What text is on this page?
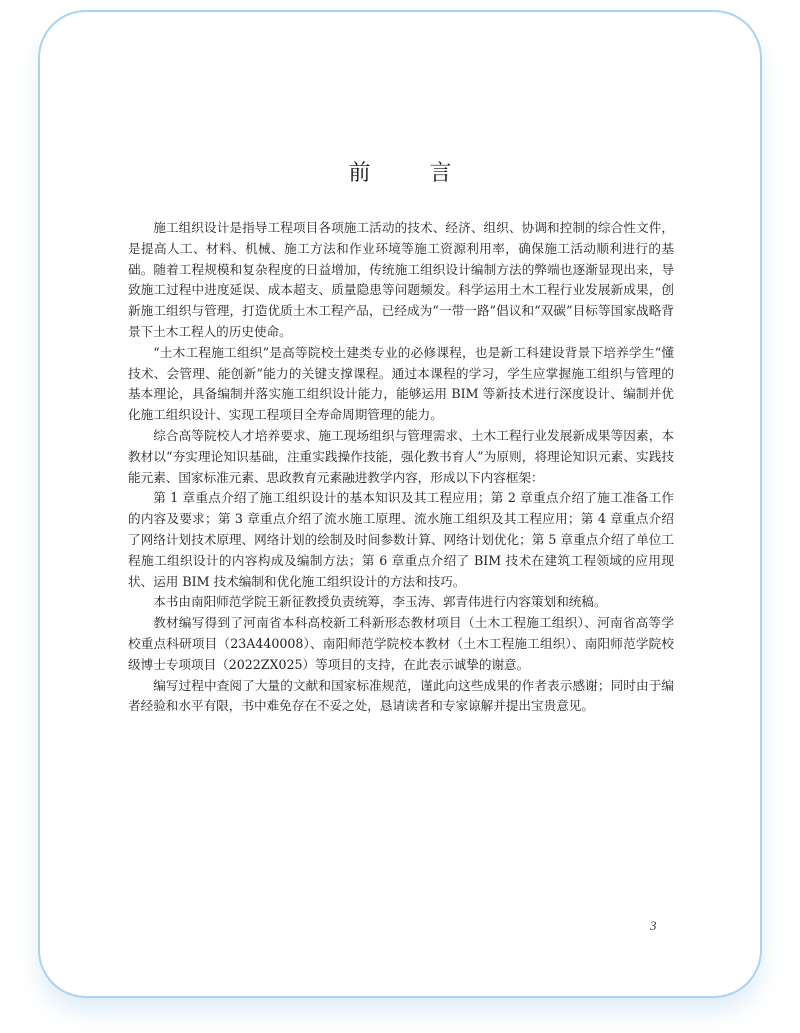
前 言

施工组织设计是指导工程项目各项施工活动的技术、经济、组织、协调和控制的综合性文件，是提高人工、材料、机械、施工方法和作业环境等施工资源利用率，确保施工活动顺利进行的基础。随着工程规模和复杂程度的日益增加，传统施工组织设计编制方法的弊端也逐渐显现出来，导致施工过程中进度延误、成本超支、质量隐患等问题频发。科学运用土木工程行业发展新成果，创新施工组织与管理，打造优质土木工程产品，已经成为“一带一路”倡议和“双碳”目标等国家战略背景下土木工程人的历史使命。

“土木工程施工组织”是高等院校土建类专业的必修课程，也是新工科建设背景下培养学生“懂技术、会管理、能创新”能力的关键支撑课程。通过本课程的学习，学生应掌握施工组织与管理的基本理论，具备编制并落实施工组织设计能力，能够运用 BIM 等新技术进行深度设计、编制并优化施工组织设计、实现工程项目全寿命周期管理的能力。

综合高等院校人才培养要求、施工现场组织与管理需求、土木工程行业发展新成果等因素，本教材以“夯实理论知识基础，注重实践操作技能，强化教书育人”为原则，将理论知识元素、实践技能元素、国家标准元素、思政教育元素融进教学内容，形成以下内容框架：

第 1 章重点介绍了施工组织设计的基本知识及其工程应用；第 2 章重点介绍了施工准备工作的内容及要求；第 3 章重点介绍了流水施工原理、流水施工组织及其工程应用；第 4 章重点介绍了网络计划技术原理、网络计划的绘制及时间参数计算、网络计划优化；第 5 章重点介绍了单位工程施工组织设计的内容构成及编制方法；第 6 章重点介绍了 BIM 技术在建筑工程领域的应用现状、运用 BIM 技术编制和优化施工组织设计的方法和技巧。

本书由南阳师范学院王新征教授负责统筹，李玉涛、郭青伟进行内容策划和统稿。

教材编写得到了河南省本科高校新工科新形态教材项目（土木工程施工组织）、河南省高等学校重点科研项目（23A440008）、南阳师范学院校本教材（土木工程施工组织）、南阳师范学院校级博士专项项目（2022ZX025）等项目的支持，在此表示诚挚的谢意。

编写过程中查阅了大量的文献和国家标准规范，谨此向这些成果的作者表示感谢；同时由于编者经验和水平有限，书中难免存在不妥之处，恳请读者和专家谅解并提出宝贵意见。

3
